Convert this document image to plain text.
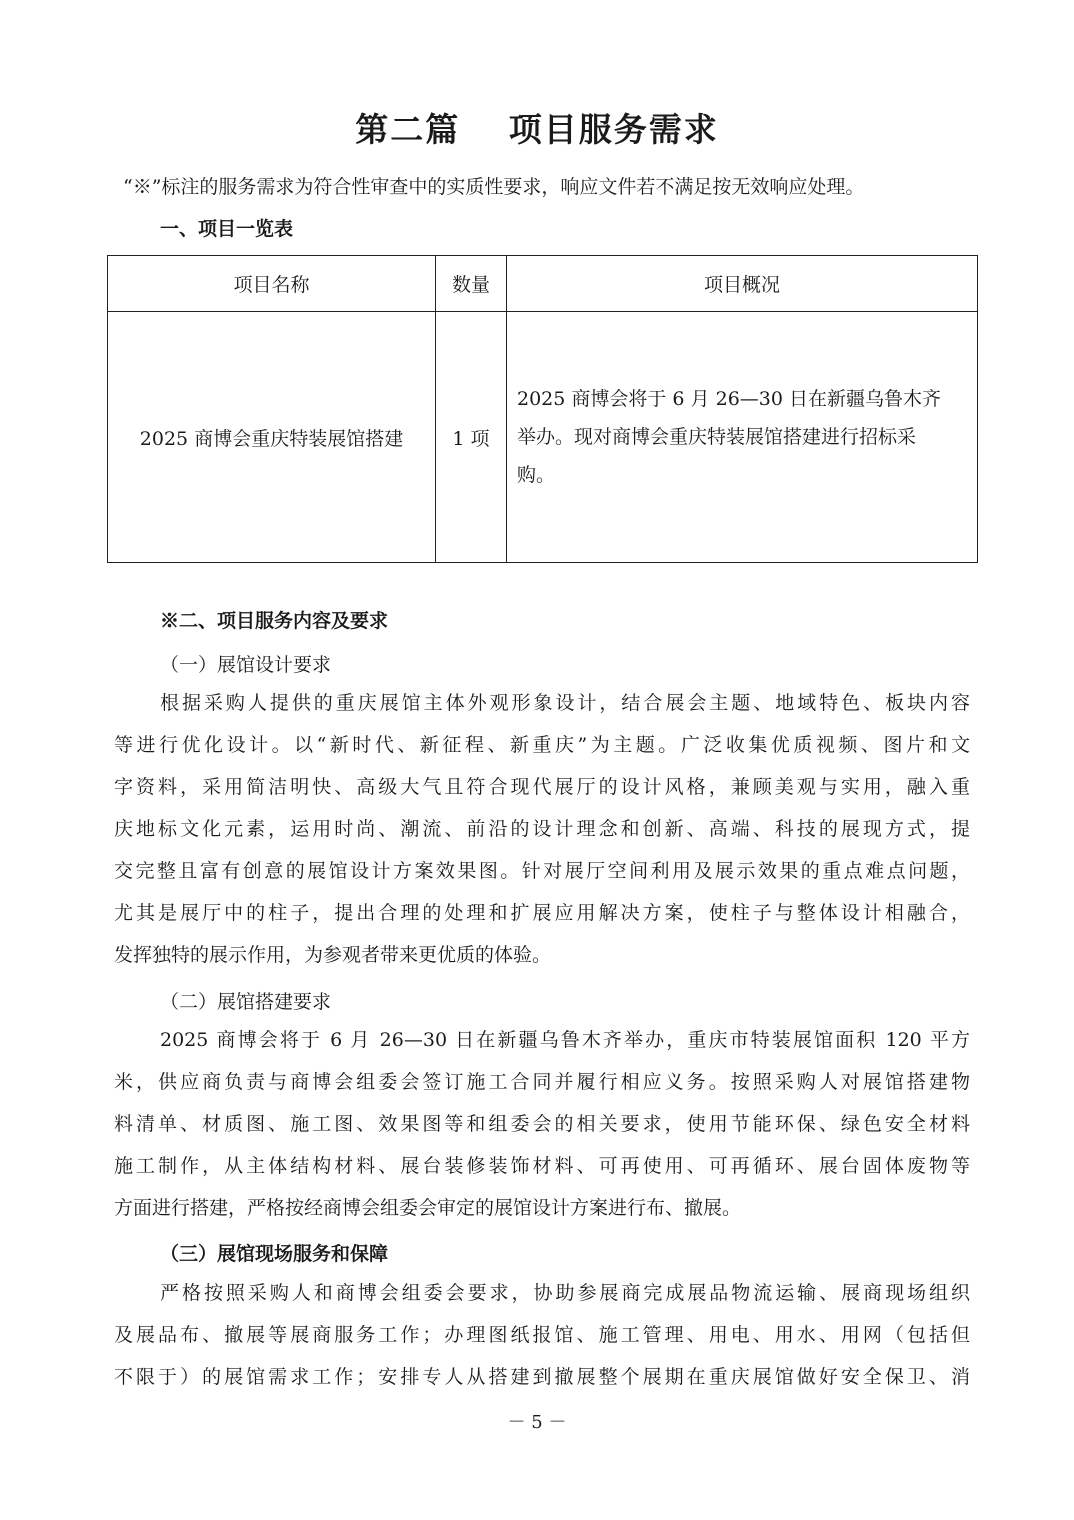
第二篇　 项目服务需求
“※”标注的服务需求为符合性审查中的实质性要求，响应文件若不满足按无效响应处理。
一、项目一览表
项目名称	数量	项目概况
2025 商博会重庆特装展馆搭建	1 项	2025 商博会将于 6 月 26—30 日在新疆乌鲁木齐
举办。现对商博会重庆特装展馆搭建进行招标采
购。
※二、项目服务内容及要求
（一）展馆设计要求
根据采购人提供的重庆展馆主体外观形象设计，结合展会主题、地域特色、板块内容
等进行优化设计。以“新时代、新征程、新重庆”为主题。广泛收集优质视频、图片和文
字资料，采用简洁明快、高级大气且符合现代展厅的设计风格，兼顾美观与实用，融入重
庆地标文化元素，运用时尚、潮流、前沿的设计理念和创新、高端、科技的展现方式，提
交完整且富有创意的展馆设计方案效果图。针对展厅空间利用及展示效果的重点难点问题，
尤其是展厅中的柱子，提出合理的处理和扩展应用解决方案，使柱子与整体设计相融合，
发挥独特的展示作用，为参观者带来更优质的体验。
（二）展馆搭建要求
2025 商博会将于 6 月 26—30 日在新疆乌鲁木齐举办，重庆市特装展馆面积 120 平方
米，供应商负责与商博会组委会签订施工合同并履行相应义务。按照采购人对展馆搭建物
料清单、材质图、施工图、效果图等和组委会的相关要求，使用节能环保、绿色安全材料
施工制作，从主体结构材料、展台装修装饰材料、可再使用、可再循环、展台固体废物等
方面进行搭建，严格按经商博会组委会审定的展馆设计方案进行布、撤展。
（三）展馆现场服务和保障
严格按照采购人和商博会组委会要求，协助参展商完成展品物流运输、展商现场组织
及展品布、撤展等展商服务工作；办理图纸报馆、施工管理、用电、用水、用网（包括但
不限于）的展馆需求工作；安排专人从搭建到撤展整个展期在重庆展馆做好安全保卫、消
－ 5 －
